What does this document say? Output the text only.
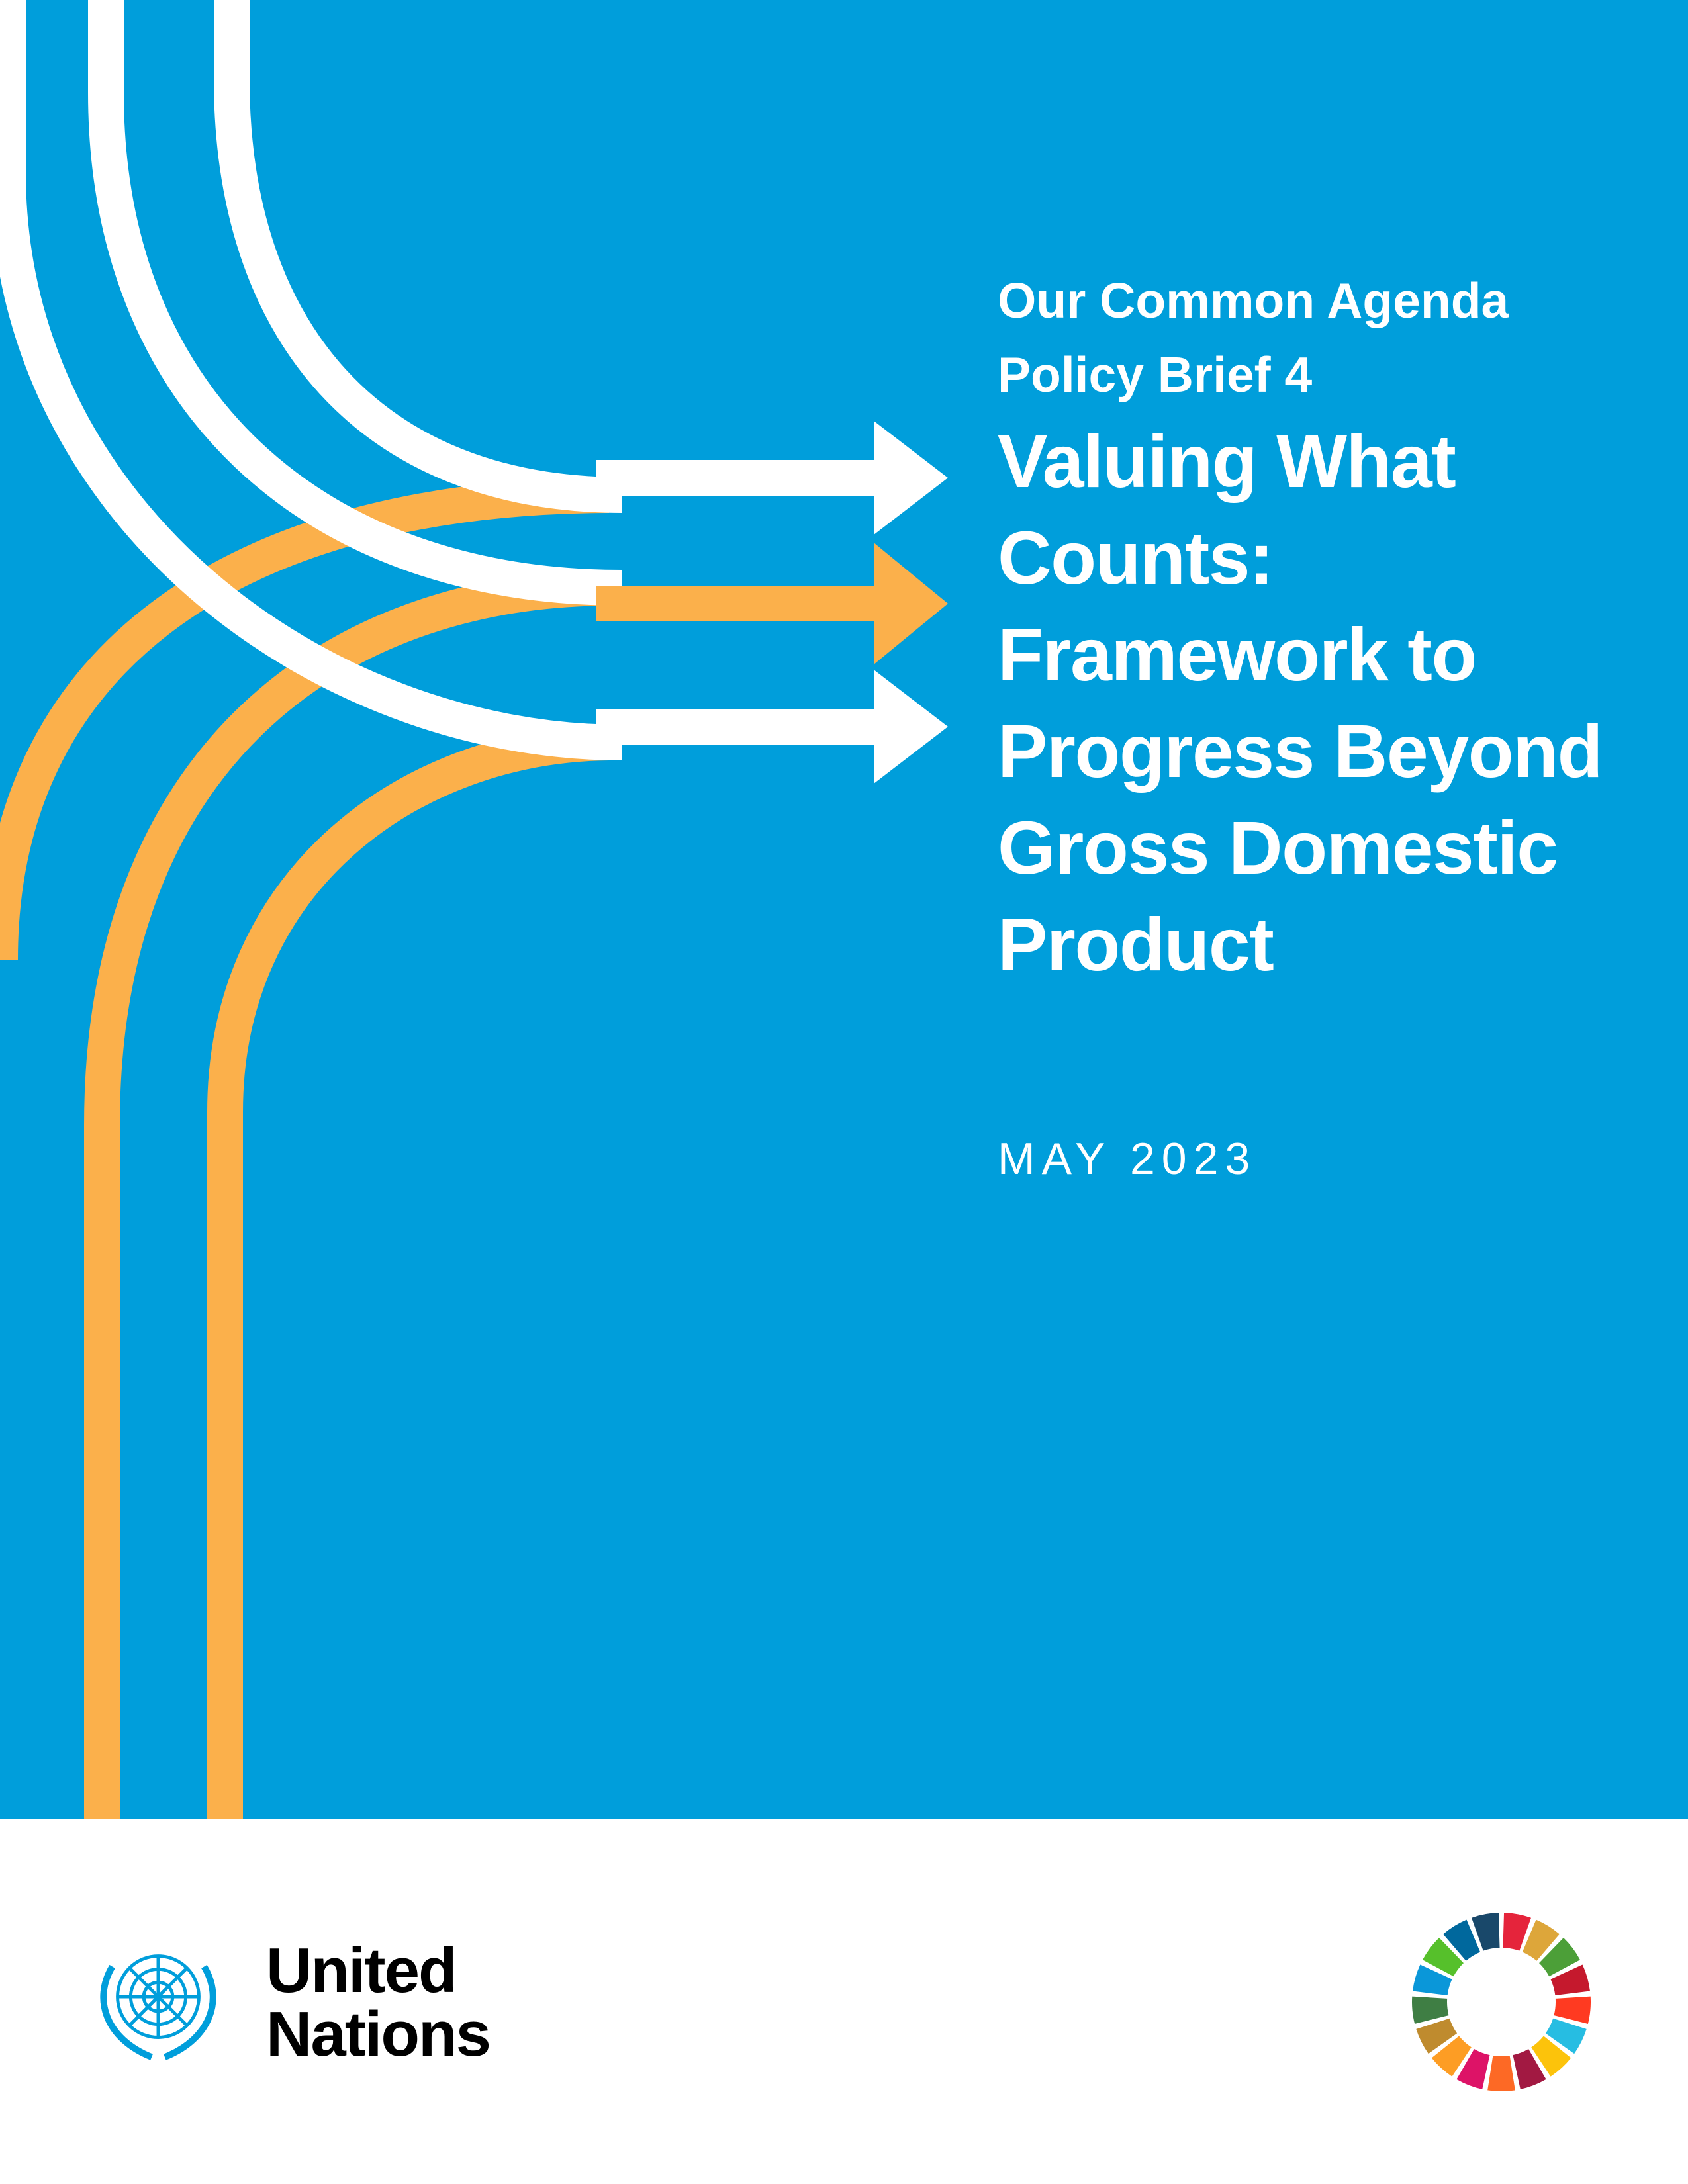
Our Common Agenda
Policy Brief 4
Valuing What
Counts:
Framework to
Progress Beyond
Gross Domestic
Product
MAY 2023
United
Nations
